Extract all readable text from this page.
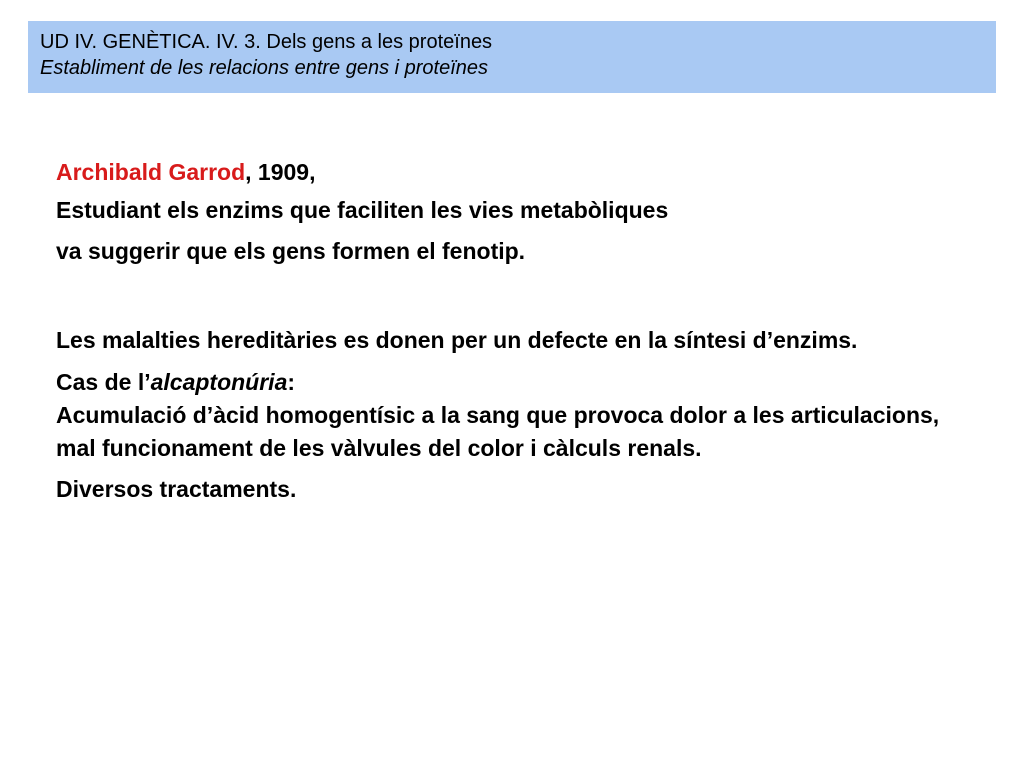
UD IV. GENÈTICA. IV. 3. Dels gens a les proteïnes
Establiment de les relacions entre gens i proteïnes

Archibald Garrod, 1909,

Estudiant els enzims que faciliten les vies metabòliques

va suggerir que els gens formen el fenotip.

Les malalties hereditàries es donen per un defecte en la síntesi d’enzims.

Cas de l’alcaptonúria:

Acumulació d’àcid homogentísic a la sang que provoca dolor a les articulacions, mal funcionament de les vàlvules del color i càlculs renals.

Diversos tractaments.
